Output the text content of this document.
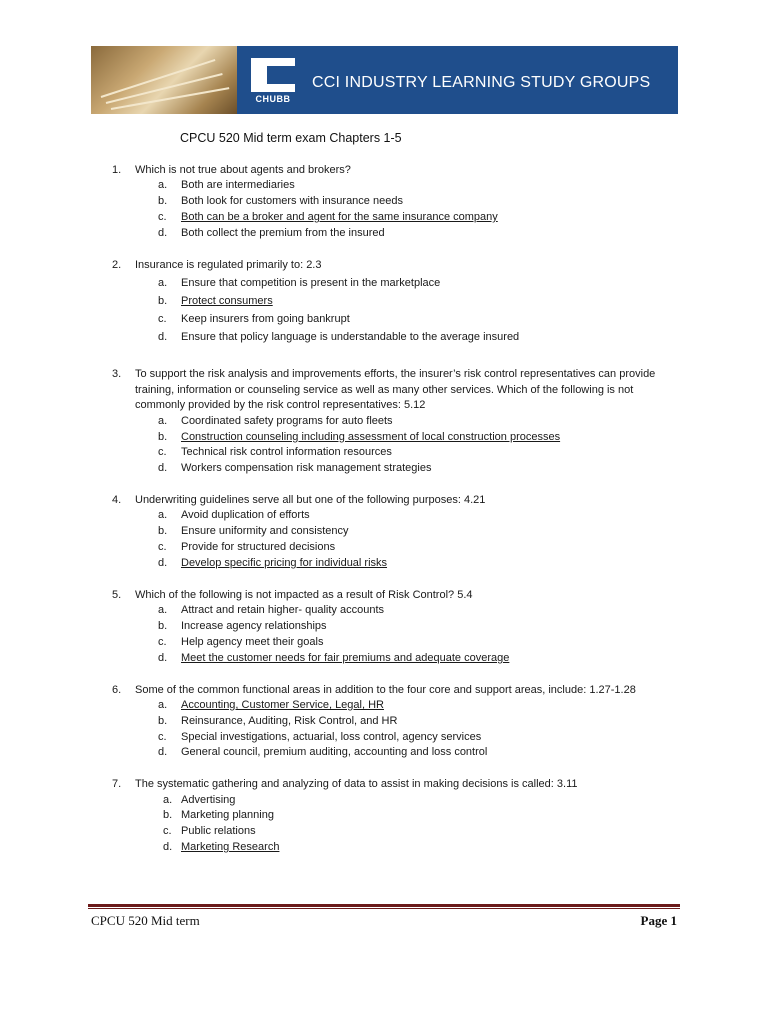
CHUBB
CCI INDUSTRY LEARNING STUDY GROUPS
CPCU 520 Mid term exam Chapters 1-5
1.	Which is not true about agents and brokers?
a. Both are intermediaries
b. Both look for customers with insurance needs
c. Both can be a broker and agent for the same insurance company
d. Both collect the premium from the insured
2.	Insurance is regulated primarily to: 2.3
a. Ensure that competition is present in the marketplace
b. Protect consumers
c. Keep insurers from going bankrupt
d. Ensure that policy language is understandable to the average insured
3.	To support the risk analysis and improvements efforts, the insurer’s risk control representatives can provide training, information or counseling service as well as many other services. Which of the following is not commonly provided by the risk control representatives: 5.12
a. Coordinated safety programs for auto fleets
b. Construction counseling including assessment of local construction processes
c. Technical risk control information resources
d. Workers compensation risk management strategies
4.	Underwriting guidelines serve all but one of the following purposes: 4.21
a. Avoid duplication of efforts
b. Ensure uniformity and consistency
c. Provide for structured decisions
d. Develop specific pricing for individual risks
5.	Which of the following is not impacted as a result of Risk Control? 5.4
a. Attract and retain higher- quality accounts
b. Increase agency relationships
c. Help agency meet their goals
d. Meet the customer needs for fair premiums and adequate coverage
6.	Some of the common functional areas in addition to the four core and support areas, include: 1.27-1.28
a. Accounting, Customer Service, Legal, HR
b. Reinsurance, Auditing, Risk Control, and HR
c. Special investigations, actuarial, loss control, agency services
d. General council, premium auditing, accounting and loss control
7.	The systematic gathering and analyzing of data to assist in making decisions is called: 3.11
a. Advertising
b. Marketing planning
c. Public relations
d. Marketing Research
CPCU 520 Mid term	Page 1
